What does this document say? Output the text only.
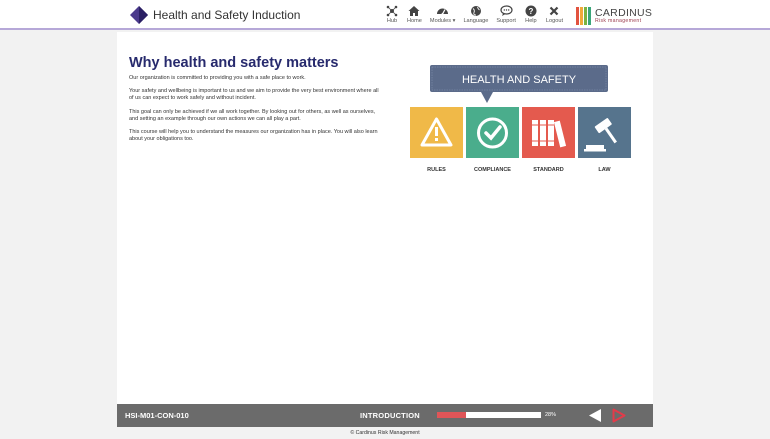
Health and Safety Induction	Hub Home Modules ▾ Language Support
?
Help Logout
CARDINUS
Risk management
Why health and safety matters
Our organization is committed to providing you with a safe place to work.
Your safety and wellbeing is important to us and we aim to provide the very best environment where all of us can expect to work safely and without incident.
This goal can only be achieved if we all work together. By looking out for others, as well as ourselves, and setting an example through our own actions we can all play a part.
This course will help you to understand the measures our organization has in place. You will also learn about your obligations too.
HEALTH AND SAFETY
RULES	COMPLIANCE	STANDARD	LAW
HSI-M01-CON-010	INTRODUCTION	28%
© Cardinus Risk Management
